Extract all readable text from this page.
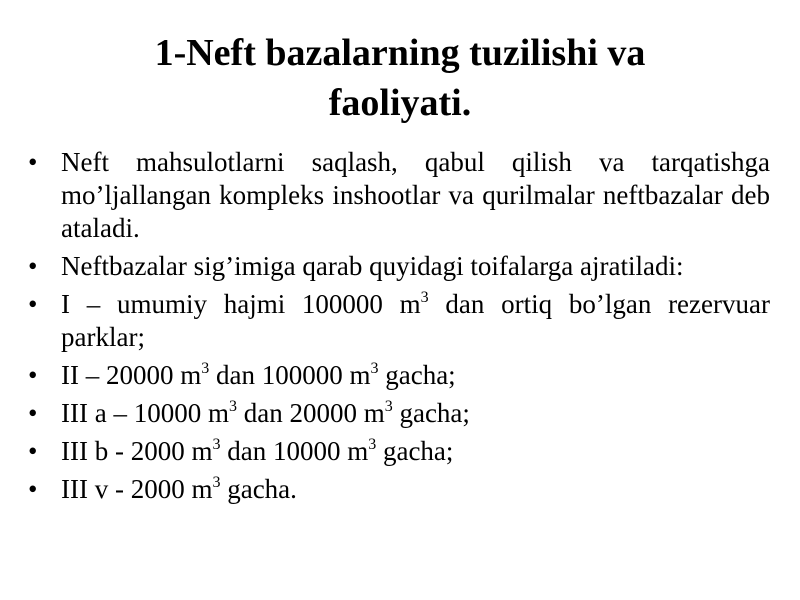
1-Neft bazalarning tuzilishi va
faoliyati.
• Neft mahsulotlarni saqlash, qabul qilish va tarqatishga mo’ljallangan kompleks inshootlar va qurilmalar neftbazalar deb ataladi.
• Neftbazalar sig’imiga qarab quyidagi toifalarga ajratiladi:
• I – umumiy hajmi 100000 $m^3$ dan ortiq bo’lgan rezervuar parklar;
• II – 20000 $m^3$ dan 100000 $m^3$ gacha;
• III a – 10000 $m^3$ dan 20000 $m^3$ gacha;
• III b - 2000 $m^3$ dan 10000 $m^3$ gacha;
• III v - 2000 $m^3$ gacha.
